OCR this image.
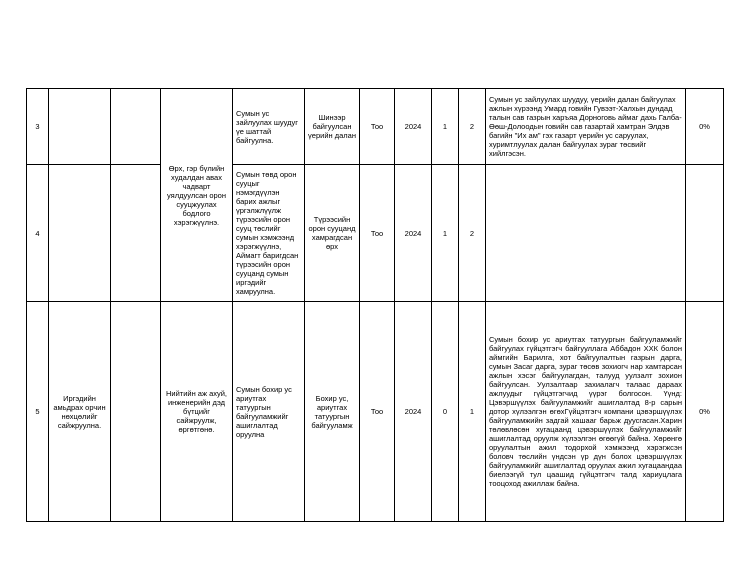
3			Өрх, гэр бүлийн худалдан авах чадварт уялдуулсан орон сууцжуулах бодлого хэрэгжүүлнэ.	Сумын ус зайлуулах шуудуг үе шаттай байгуулна.	Шинээр байгуулсан үерийн далан	Тоо	2024	1	2	Сумын ус зайлуулах шуудуу, үерийн далан байгуулах ажлын хүрээнд Умард говийн Гувээт-Халхын дундад талын сав газрын харъяа Дорноговь аймаг дахь Галба-Өөш-Долоодын говийн сав газартай хамтран Элдэв багийн "Их ам" гэх газарт үерийн ус саруулах, хуримтлуулах далан байгуулах зураг төсвийг хийлгэсэн.	0%
4				Сумын төвд орон сууцыг нэмэгдүүлэн барих ажлыг үргэлжлүүлж түрээсийн орон сууц төслийг сумын хэмжээнд хэрэгжүүлнэ, Аймагт баригдсан түрээсийн орон сууцанд сумын иргэдийг хамруулна.	Түрээсийн орон сууцанд хамрагдсан өрх	Тоо	2024	1	2		
5	Иргэдийн амьдрах орчин нөхцөлийг сайжруулна.		Нийтийн аж ахуй, инженерийн дэд бүтцийг сайжруулж, өргөтгөнө.	Сумын бохир ус ариутгах татуургын байгууламжийг ашиглалтад оруулна	Бохир ус, ариутгах татуургын байгууламж	Тоо	2024	0	1	Сумын бохир ус ариутгах татуургын байгууламжийг байгуулах гүйцэтгэгч байгууллага Аббадон ХХК болон аймгийн Барилга, хот байгуулалтын газрын дарга, сумын Засаг дарга, зураг төсөв зохиогч нар хамтарсан ажлын хэсэг байгуулагдан, талууд уулзалт зохион байгуулсан. Уулзалтаар захиалагч талаас дараах ажлуудыг гүйцэтгэгчид үүрэг болгосон. Үүнд: Цэвэршүүлэх байгууламжийг ашиглалтад 8-р сарын дотор хүлээлгэн өгөхГүйцэтгэгч компани цэвэршүүлэх байгууламжийн задгай хашааг барьж дуусгасан.Харин төлөвлөсөн хугацаанд цэвэршүүлэх байгууламжийг ашиглалтад оруулж хүлээлгэн өгөөгүй байна. Хөрөнгө оруулалтын ажил тодорхой хэмжээнд хэрэгжсэн боловч төслийн үндсэн үр дүн болох цэвэршүүлэх байгууламжийг ашиглалтад оруулах ажил хугацаандаа биелээгүй тул цаашид гүйцэтгэгч талд хариуцлага тооцоход ажиллаж байна.	0%
